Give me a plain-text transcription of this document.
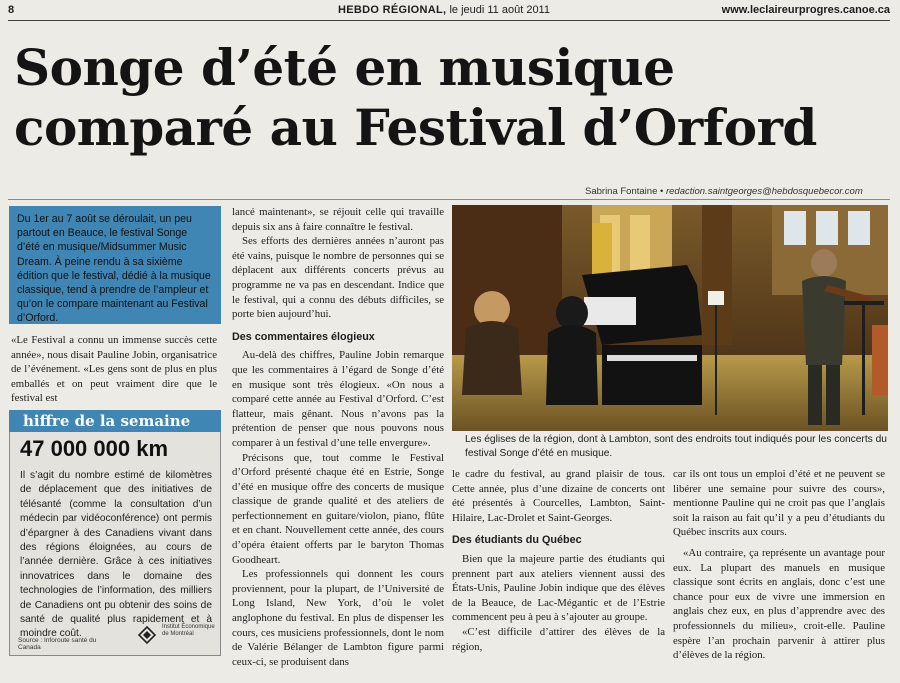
8	HEBDO RÉGIONAL, le jeudi 11 août 2011	www.leclaireurprogres.canoe.ca
Songe d’été en musique
comparé au Festival d’Orford
Sabrina Fontaine • redaction.saintgeorges@hebdosquebecor.com
Du 1er au 7 août se déroulait, un peu partout en Beauce, le festival Songe d’été en musique/Midsummer Music Dream. À peine rendu à sa sixième édition que le festival, dédié à la musique classique, tend à prendre de l’ampleur et qu’on le compare maintenant au Festival d’Orford.

«Le Festival a connu un immense succès cette année», nous disait Pauline Jobin, organisatrice de l’événement. «Les gens sont de plus en plus emballés et on peut vraiment dire que le festival est

hiffre de la semaine
47 000 000 km
Il s’agit du nombre estimé de kilomètres de déplacement que des initiatives de télésanté (comme la consultation d’un médecin par vidéoconférence) ont permis d’épargner à des Canadiens vivant dans des régions éloignées, au cours de l’année dernière. Grâce à ces initiatives innovatrices dans le domaine des technologies de l’information, des milliers de Canadiens ont pu obtenir des soins de santé de qualité plus rapidement et à moindre coût.
Source : Inforoute santé du Canada
Institut Économique de Montréal

lancé maintenant», se réjouit celle qui travaille depuis six ans à faire connaître le festival.

Ses efforts des dernières années n’auront pas été vains, puisque le nombre de personnes qui se déplacent aux différents concerts prévus au programme ne va pas en descendant. Indice que le festival, qui a connu des débuts difficiles, se porte bien aujourd’hui.

Des commentaires élogieux

Au-delà des chiffres, Pauline Jobin remarque que les commentaires à l’égard de Songe d’été en musique sont très élogieux. «On nous a comparé cette année au Festival d’Orford. C’est flatteur, mais gênant. Nous n’avons pas la prétention de penser que nous pouvons nous comparer à un festival d’une telle envergure».

Précisons que, tout comme le Festival d’Orford présenté chaque été en Estrie, Songe d’été en musique offre des concerts de musique classique de grande qualité et des ateliers de perfectionnement en guitare/violon, piano, flûte et en chant. Nouvellement cette année, des cours d’opéra étaient offerts par le baryton Thomas Goodheart.

Les professionnels qui donnent les cours proviennent, pour la plupart, de l’Université de Long Island, New York, d’où le volet anglophone du festival. En plus de dispenser les cours, ces musiciens professionnels, dont le nom de Valérie Bélanger de Lambton figure parmi ceux-ci, se produisent dans

Les églises de la région, dont à Lambton, sont des endroits tout indiqués pour les concerts du festival Songe d’été en musique.

le cadre du festival, au grand plaisir de tous. Cette année, plus d’une dizaine de concerts ont été présentés à Courcelles, Lambton, Saint-Hilaire, Lac-Drolet et Saint-Georges.

Des étudiants du Québec

Bien que la majeure partie des étudiants qui prennent part aux ateliers viennent aussi des États-Unis, Pauline Jobin indique que des élèves de la Beauce, de Lac-Mégantic et de l’Estrie commencent peu à peu à s’ajouter au groupe.

«C’est difficile d’attirer des élèves de la région,

car ils ont tous un emploi d’été et ne peuvent se libérer une semaine pour suivre des cours», mentionne Pauline qui ne croit pas que l’anglais soit la raison au fait qu’il y a peu d’étudiants du Québec inscrits aux cours.

«Au contraire, ça représente un avantage pour eux. La plupart des manuels en musique classique sont écrits en anglais, donc c’est une chance pour eux de vivre une immersion en anglais chez eux, en plus d’apprendre avec des professionnels du milieu», croit-elle. Pauline espère l’an prochain parvenir à attirer plus d’élèves de la région.
